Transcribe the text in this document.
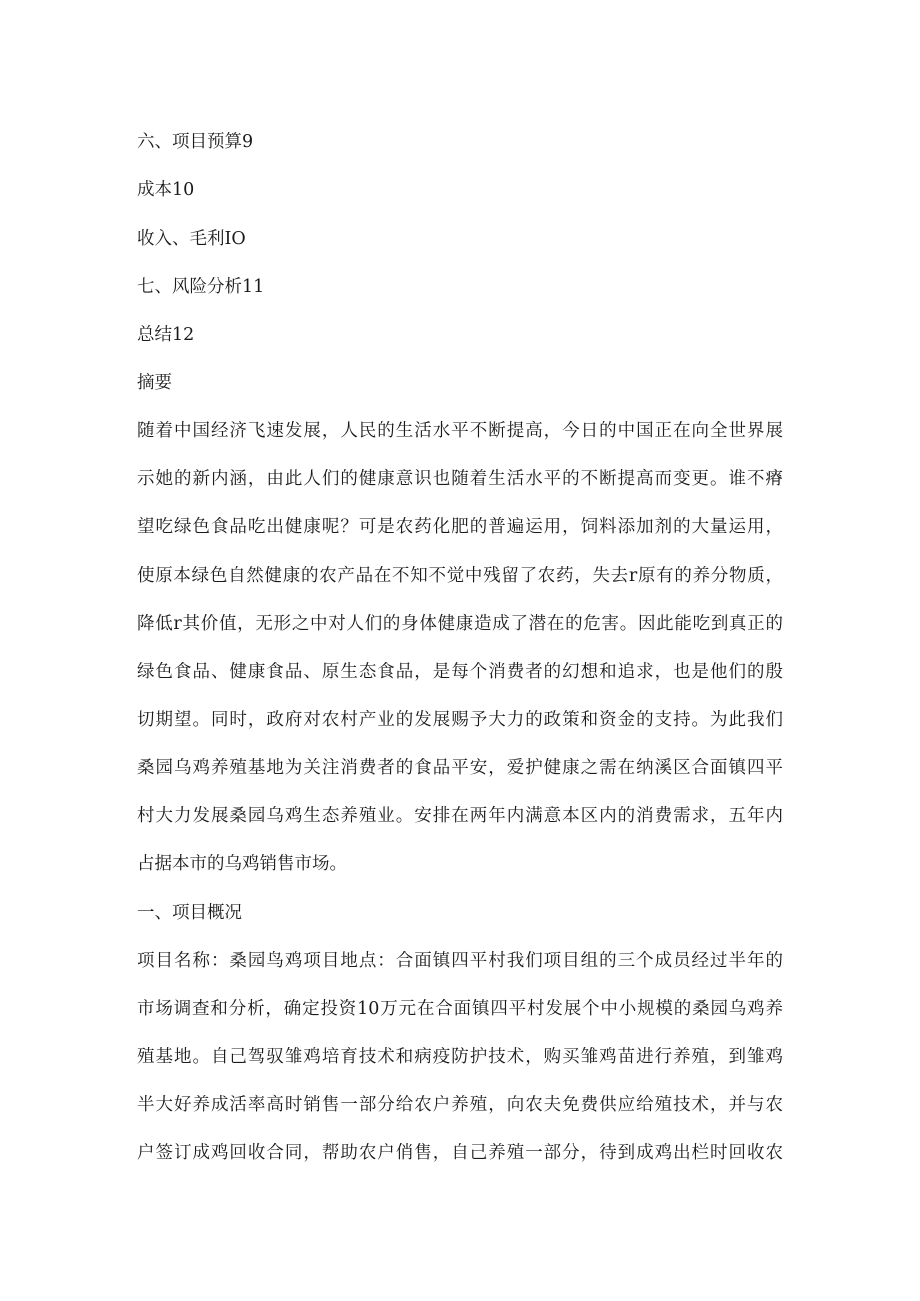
六、项目预算9
成本10
收入、毛利IO
七、风险分析11
总结12
摘要
随着中国经济飞速发展，人民的生活水平不断提高，今日的中国正在向全世界展
示她的新内涵，由此人们的健康意识也随着生活水平的不断提高而变更。谁不瘠
望吃绿色食品吃出健康呢？可是农药化肥的普遍运用，饲料添加剂的大量运用，
使原本绿色自然健康的农产品在不知不觉中残留了农药，失去r原有的养分物质，
降低r其价值，无形之中对人们的身体健康造成了潜在的危害。因此能吃到真正的
绿色食品、健康食品、原生态食品，是每个消费者的幻想和追求，也是他们的殷
切期望。同时，政府对农村产业的发展赐予大力的政策和资金的支持。为此我们
桑园乌鸡养殖基地为关注消费者的食品平安，爱护健康之需在纳溪区合面镇四平
村大力发展桑园乌鸡生态养殖业。安排在两年内满意本区内的消费需求，五年内
占据本市的乌鸡销售市场。
一、项目概况
项目名称：桑园鸟鸡项目地点：合面镇四平村我们项目组的三个成员经过半年的
市场调查和分析，确定投资10万元在合面镇四平村发展个中小规模的桑园乌鸡养
殖基地。自己驾驭雏鸡培育技术和病疫防护技术，购买雏鸡苗进行养殖，到雏鸡
半大好养成活率高时销售一部分给农户养殖，向农夫免费供应给殖技术，并与农
户签订成鸡回收合同，帮助农户俏售，自己养殖一部分，待到成鸡出栏时回收农
